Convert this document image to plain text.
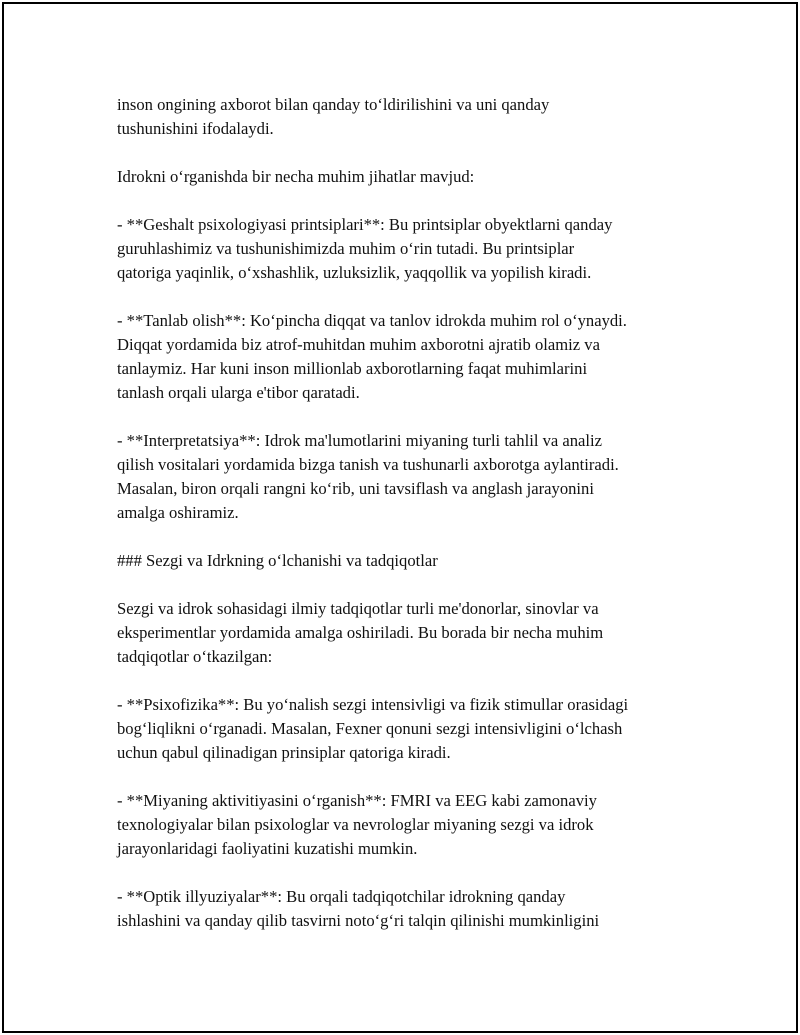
inson ongining axborot bilan qanday to‘ldirilishini va uni qanday
tushunishini ifodalaydi.

Idrokni o‘rganishda bir necha muhim jihatlar mavjud:

- **Geshalt psixologiyasi printsiplari**: Bu printsiplar obyektlarni qanday
guruhlashimiz va tushunishimizda muhim o‘rin tutadi. Bu printsiplar
qatoriga yaqinlik, o‘xshashlik, uzluksizlik, yaqqollik va yopilish kiradi.

- **Tanlab olish**: Ko‘pincha diqqat va tanlov idrokda muhim rol o‘ynaydi.
Diqqat yordamida biz atrof-muhitdan muhim axborotni ajratib olamiz va
tanlaymiz. Har kuni inson millionlab axborotlarning faqat muhimlarini
tanlash orqali ularga e'tibor qaratadi.

- **Interpretatsiya**: Idrok ma'lumotlarini miyaning turli tahlil va analiz
qilish vositalari yordamida bizga tanish va tushunarli axborotga aylantiradi.
Masalan, biron orqali rangni ko‘rib, uni tavsiflash va anglash jarayonini
amalga oshiramiz.

### Sezgi va Idrkning o‘lchanishi va tadqiqotlar

Sezgi va idrok sohasidagi ilmiy tadqiqotlar turli me'donorlar, sinovlar va
eksperimentlar yordamida amalga oshiriladi. Bu borada bir necha muhim
tadqiqotlar o‘tkazilgan:

- **Psixofizika**: Bu yo‘nalish sezgi intensivligi va fizik stimullar orasidagi
bog‘liqlikni o‘rganadi. Masalan, Fexner qonuni sezgi intensivligini o‘lchash
uchun qabul qilinadigan prinsiplar qatoriga kiradi.

- **Miyaning aktivitiyasini o‘rganish**: FMRI va EEG kabi zamonaviy
texnologiyalar bilan psixologlar va nevrologlar miyaning sezgi va idrok
jarayonlaridagi faoliyatini kuzatishi mumkin.

- **Optik illyuziyalar**: Bu orqali tadqiqotchilar idrokning qanday
ishlashini va qanday qilib tasvirni noto‘g‘ri talqin qilinishi mumkinligini
